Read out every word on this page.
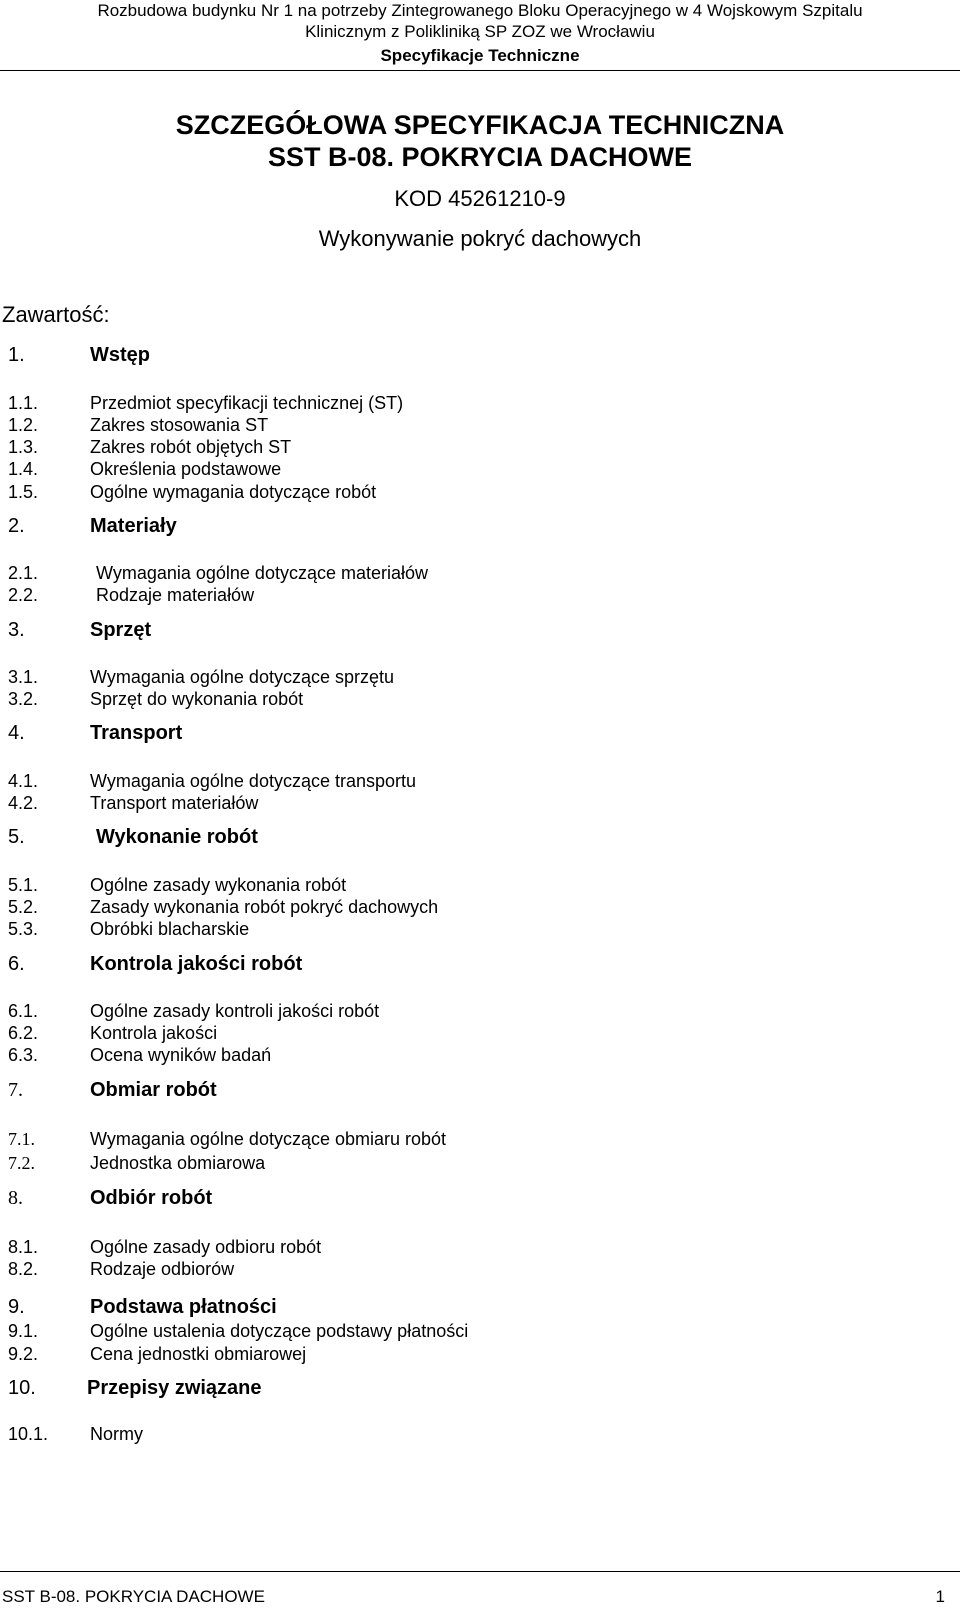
Rozbudowa budynku Nr 1 na potrzeby Zintegrowanego Bloku Operacyjnego w 4 Wojskowym Szpitalu
Klinicznym z Polikliniką SP ZOZ we Wrocławiu
Specyfikacje Techniczne
SZCZEGÓŁOWA SPECYFIKACJA TECHNICZNA
SST B-08. POKRYCIA DACHOWE
KOD 45261210-9
Wykonywanie pokryć dachowych
Zawartość:
1.	Wstęp
1.1.	Przedmiot specyfikacji technicznej (ST)
1.2.	Zakres stosowania ST
1.3.	Zakres robót objętych ST
1.4.	Określenia podstawowe
1.5.	Ogólne wymagania dotyczące robót
2.	Materiały
2.1.	Wymagania ogólne dotyczące materiałów
2.2.	Rodzaje materiałów
3.	Sprzęt
3.1.	Wymagania ogólne dotyczące sprzętu
3.2.	Sprzęt do wykonania robót
4.	Transport
4.1.	Wymagania ogólne dotyczące transportu
4.2.	Transport materiałów
5.	Wykonanie robót
5.1.	Ogólne zasady wykonania robót
5.2.	Zasady wykonania robót pokryć dachowych
5.3.	Obróbki blacharskie
6.	Kontrola jakości robót
6.1.	Ogólne zasady kontroli jakości robót
6.2.	Kontrola jakości
6.3.	Ocena wyników badań
7.	Obmiar robót
7.1.	Wymagania ogólne dotyczące obmiaru robót
7.2.	Jednostka obmiarowa
8.	Odbiór robót
8.1.	Ogólne zasady odbioru robót
8.2.	Rodzaje odbiorów
9.	Podstawa płatności
9.1.	Ogólne ustalenia dotyczące podstawy płatności
9.2.	Cena jednostki obmiarowej
10.	Przepisy związane
10.1. Normy
SST B-08. POKRYCIA DACHOWE	1
